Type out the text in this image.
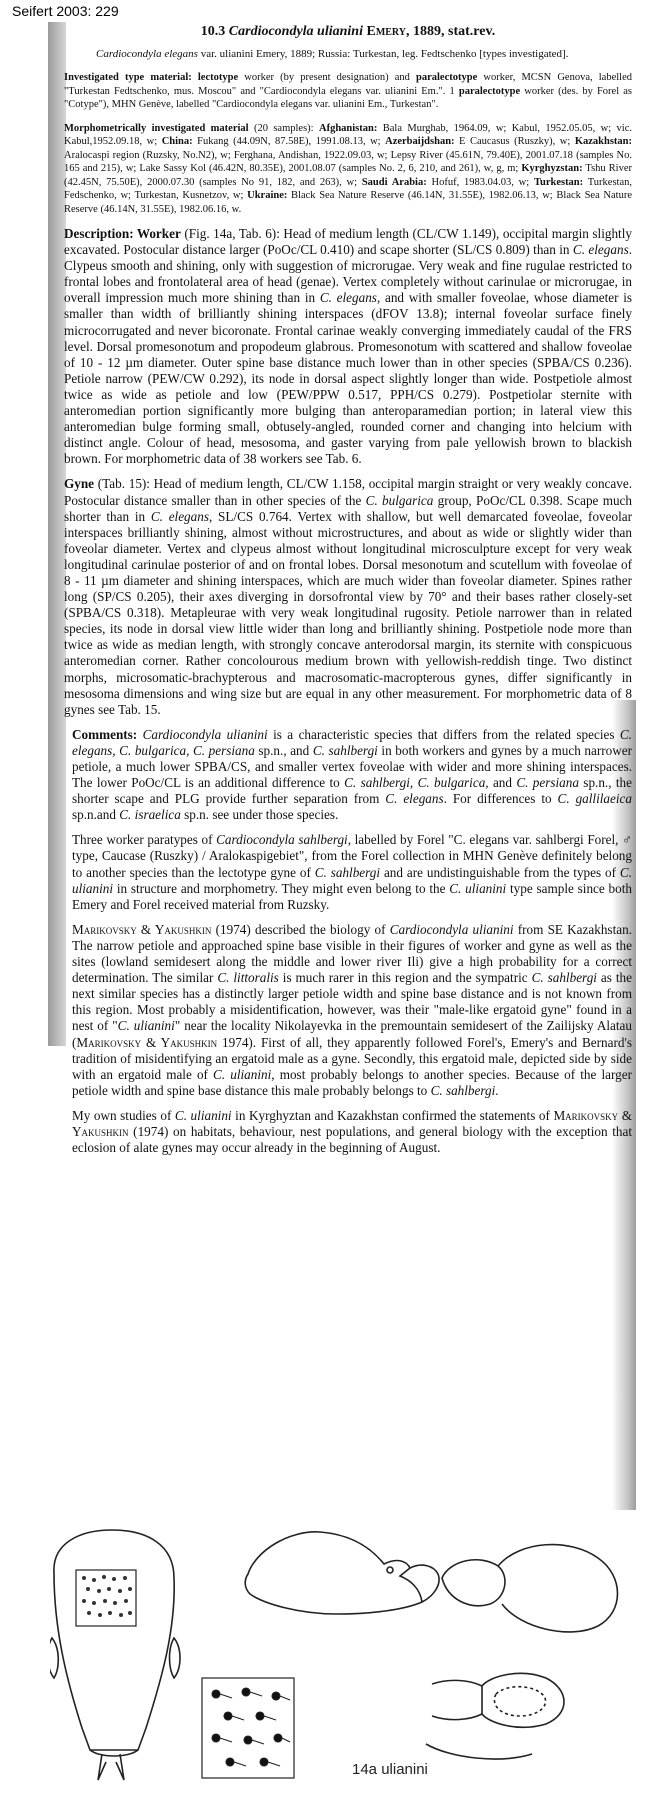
Seifert 2003: 229
10.3 Cardiocondyla ulianini Emery, 1889, stat.rev.

Cardiocondyla elegans var. ulianini Emery, 1889; Russia: Turkestan, leg. Fedtschenko [types investigated].

Investigated type material: lectotype worker (by present designation) and paralectotype worker, MCSN Genova, labelled "Turkestan Fedtschenko, mus. Moscou" and "Cardiocondyla elegans var. ulianini Em.". 1 paralectotype worker (des. by Forel as "Cotype"), MHN Genève, labelled "Cardiocondyla elegans var. ulianini Em., Turkestan".

Morphometrically investigated material (20 samples): Afghanistan: Bala Murghab, 1964.09, w; Kabul, 1952.05.05, w; vic. Kabul,1952.09.18, w; China: Fukang (44.09N, 87.58E), 1991.08.13, w; Azerbaijdshan: E Caucasus (Ruszky), w; Kazakhstan: Aralocaspi region (Ruzsky, No.N2), w; Ferghana, Andishan, 1922.09.03, w; Lepsy River (45.61N, 79.40E), 2001.07.18 (samples No. 165 and 215), w; Lake Sassy Kol (46.42N, 80.35E), 2001.08.07 (samples No. 2, 6, 210, and 261), w, g, m; Kyrghyzstan: Tshu River (42.45N, 75.50E), 2000.07.30 (samples No 91, 182, and 263), w; Saudi Arabia: Hofuf, 1983.04.03, w; Turkestan: Turkestan, Fedschenko, w; Turkestan, Kusnetzov, w; Ukraine: Black Sea Nature Reserve (46.14N, 31.55E), 1982.06.13, w; Black Sea Nature Reserve (46.14N, 31.55E), 1982.06.16, w.

Description: Worker (Fig. 14a, Tab. 6): Head of medium length (CL/CW 1.149), occipital margin slightly excavated. Postocular distance larger (PoOc/CL 0.410) and scape shorter (SL/CS 0.809) than in C. elegans. Clypeus smooth and shining, only with suggestion of microrugae. Very weak and fine rugulae restricted to frontal lobes and frontolateral area of head (genae). Vertex completely without carinulae or microrugae, in overall impression much more shining than in C. elegans, and with smaller foveolae, whose diameter is smaller than width of brilliantly shining interspaces (dFOV 13.8); internal foveolar surface finely microcorrugated and never bicoronate. Frontal carinae weakly converging immediately caudal of the FRS level. Dorsal promesonotum and propodeum glabrous. Promesonotum with scattered and shallow foveolae of 10 - 12 µm diameter. Outer spine base distance much lower than in other species (SPBA/CS 0.236). Petiole narrow (PEW/CW 0.292), its node in dorsal aspect slightly longer than wide. Postpetiole almost twice as wide as petiole and low (PEW/PPW 0.517, PPH/CS 0.279). Postpetiolar sternite with anteromedian portion significantly more bulging than anteroparamedian portion; in lateral view this anteromedian bulge forming small, obtusely-angled, rounded corner and changing into helcium with distinct angle. Colour of head, mesosoma, and gaster varying from pale yellowish brown to blackish brown. For morphometric data of 38 workers see Tab. 6.

Gyne (Tab. 15): Head of medium length, CL/CW 1.158, occipital margin straight or very weakly concave. Postocular distance smaller than in other species of the C. bulgarica group, PoOc/CL 0.398. Scape much shorter than in C. elegans, SL/CS 0.764. Vertex with shallow, but well demarcated foveolae, foveolar interspaces brilliantly shining, almost without microstructures, and about as wide or slightly wider than foveolar diameter. Vertex and clypeus almost without longitudinal microsculpture except for very weak longitudinal carinulae posterior of and on frontal lobes. Dorsal mesonotum and scutellum with foveolae of 8 - 11 µm diameter and shining interspaces, which are much wider than foveolar diameter. Spines rather long (SP/CS 0.205), their axes diverging in dorsofrontal view by 70° and their bases rather closely-set (SPBA/CS 0.318). Metapleurae with very weak longitudinal rugosity. Petiole narrower than in related species, its node in dorsal view little wider than long and brilliantly shining. Postpetiole node more than twice as wide as median length, with strongly concave anterodorsal margin, its sternite with conspicuous anteromedian corner. Rather concolourous medium brown with yellowish-reddish tinge. Two distinct morphs, microsomatic-brachypterous and macrosomatic-macropterous gynes, differ significantly in mesosoma dimensions and wing size but are equal in any other measurement. For morphometric data of 8 gynes see Tab. 15.

Comments: Cardiocondyla ulianini is a characteristic species that differs from the related species C. elegans, C. bulgarica, C. persiana sp.n., and C. sahlbergi in both workers and gynes by a much narrower petiole, a much lower SPBA/CS, and smaller vertex foveolae with wider and more shining interspaces. The lower PoOc/CL is an additional difference to C. sahlbergi, C. bulgarica, and C. persiana sp.n., the shorter scape and PLG provide further separation from C. elegans. For differences to C. gallilaeica sp.n.and C. israelica sp.n. see under those species.

Three worker paratypes of Cardiocondyla sahlbergi, labelled by Forel "C. elegans var. sahlbergi Forel, ♂ type, Caucase (Ruszky) / Aralokaspigebiet", from the Forel collection in MHN Genève definitely belong to another species than the lectotype gyne of C. sahlbergi and are undistinguishable from the types of C. ulianini in structure and morphometry. They might even belong to the C. ulianini type sample since both Emery and Forel received material from Ruzsky.

Marikovsky & Yakushkin (1974) described the biology of Cardiocondyla ulianini from SE Kazakhstan. The narrow petiole and approached spine base visible in their figures of worker and gyne as well as the sites (lowland semidesert along the middle and lower river Ili) give a high probability for a correct determination. The similar C. littoralis is much rarer in this region and the sympatric C. sahlbergi as the next similar species has a distinctly larger petiole width and spine base distance and is not known from this region. Most probably a misidentification, however, was their "male-like ergatoid gyne" found in a nest of "C. ulianini" near the locality Nikolayevka in the premountain semidesert of the Zailijsky Alatau (Marikovsky & Yakushkin 1974). First of all, they apparently followed Forel's, Emery's and Bernard's tradition of misidentifying an ergatoid male as a gyne. Secondly, this ergatoid male, depicted side by side with an ergatoid male of C. ulianini, most probably belongs to another species. Because of the larger petiole width and spine base distance this male probably belongs to C. sahlbergi.

My own studies of C. ulianini in Kyrghyztan and Kazakhstan confirmed the statements of Marikovsky & Yakushkin (1974) on habitats, behaviour, nest populations, and general biology with the exception that eclosion of alate gynes may occur already in the beginning of August.

14a ulianini
